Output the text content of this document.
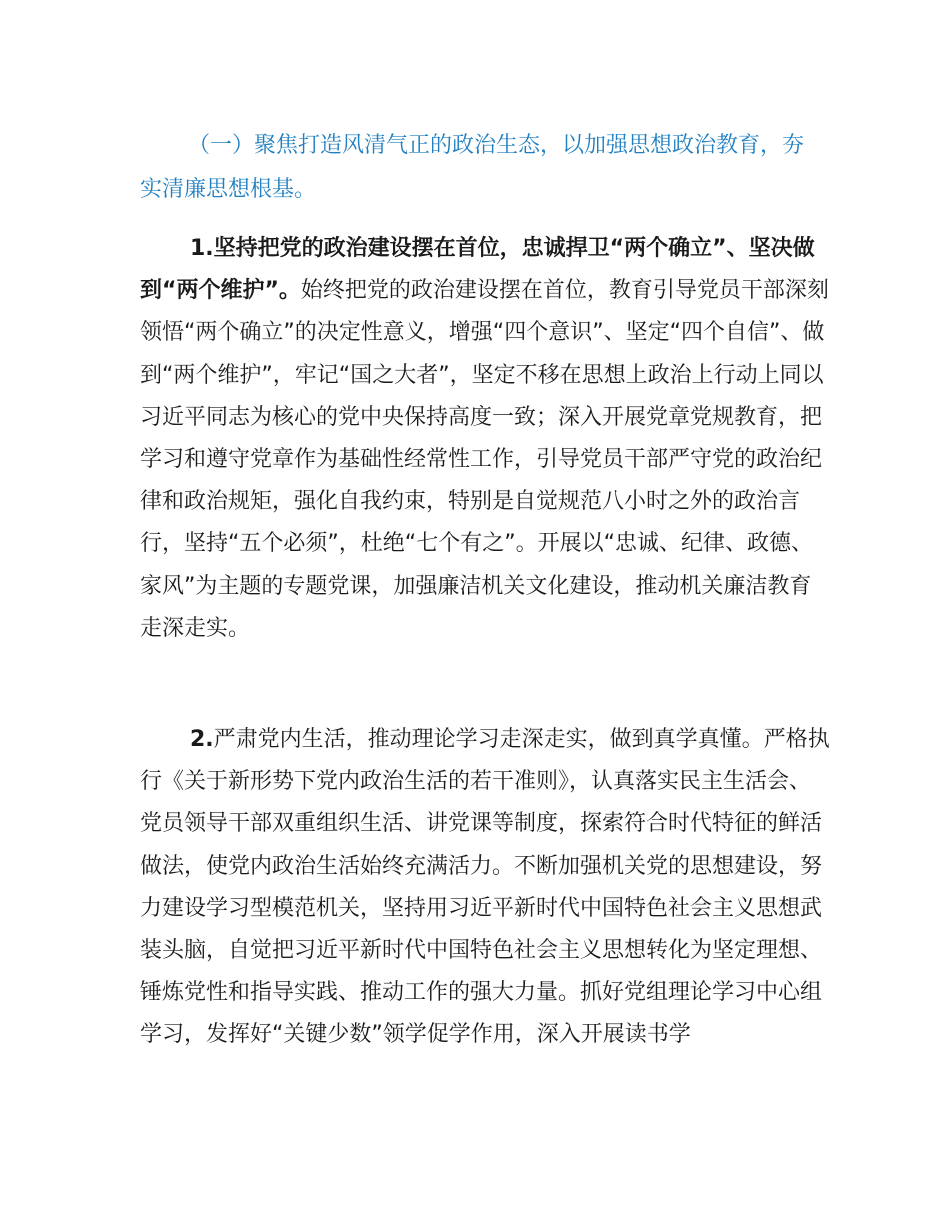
（一）聚焦打造风清气正的政治生态，以加强思想政治教育，夯实清廉思想根基。

1.坚持把党的政治建设摆在首位，忠诚捍卫“两个确立”、坚决做到“两个维护”。始终把党的政治建设摆在首位，教育引导党员干部深刻领悟“两个确立”的决定性意义，增强“四个意识”、坚定“四个自信”、做到“两个维护”，牢记“国之大者”，坚定不移在思想上政治上行动上同以习近平同志为核心的党中央保持高度一致；深入开展党章党规教育，把学习和遵守党章作为基础性经常性工作，引导党员干部严守党的政治纪律和政治规矩，强化自我约束，特别是自觉规范八小时之外的政治言行，坚持“五个必须”，杜绝“七个有之”。开展以“忠诚、纪律、政德、家风”为主题的专题党课，加强廉洁机关文化建设，推动机关廉洁教育走深走实。

2.严肃党内生活，推动理论学习走深走实，做到真学真懂。严格执行《关于新形势下党内政治生活的若干准则》，认真落实民主生活会、党员领导干部双重组织生活、讲党课等制度，探索符合时代特征的鲜活做法，使党内政治生活始终充满活力。不断加强机关党的思想建设，努力建设学习型模范机关，坚持用习近平新时代中国特色社会主义思想武装头脑，自觉把习近平新时代中国特色社会主义思想转化为坚定理想、锤炼党性和指导实践、推动工作的强大力量。抓好党组理论学习中心组学习，发挥好“关键少数”领学促学作用，深入开展读书学
